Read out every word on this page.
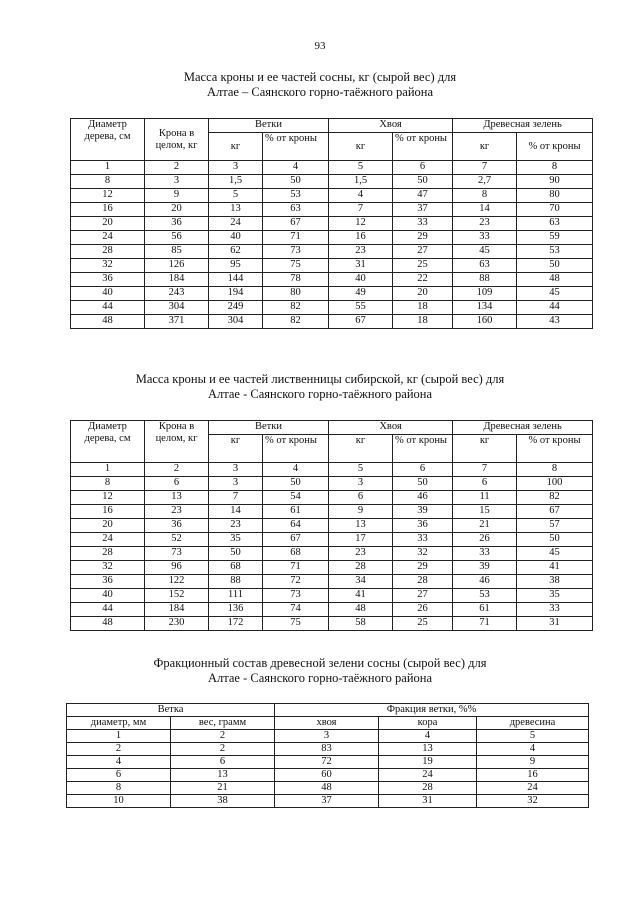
93
Масса кроны и ее частей сосны, кг (сырой вес) для
Алтае – Саянского горно-таёжного района
Диаметр дерева, см	Крона в целом, кг	Ветки		Хвоя		Древесная зелень	
		кг	% от кроны	кг	% от кроны	кг	% от кроны
1	2	3	4	5	6	7	8
8	3	1,5	50	1,5	50	2,7	90
12	9	5	53	4	47	8	80
16	20	13	63	7	37	14	70
20	36	24	67	12	33	23	63
24	56	40	71	16	29	33	59
28	85	62	73	23	27	45	53
32	126	95	75	31	25	63	50
36	184	144	78	40	22	88	48
40	243	194	80	49	20	109	45
44	304	249	82	55	18	134	44
48	371	304	82	67	18	160	43
Масса кроны и ее частей лиственницы сибирской, кг (сырой вес) для
Алтае - Саянского горно-таёжного района
Диаметр дерева, см	Крона в целом, кг	Ветки		Хвоя		Древесная зелень	
		кг	% от кроны	кг	% от кроны	кг	% от кроны
1	2	3	4	5	6	7	8
8	6	3	50	3	50	6	100
12	13	7	54	6	46	11	82
16	23	14	61	9	39	15	67
20	36	23	64	13	36	21	57
24	52	35	67	17	33	26	50
28	73	50	68	23	32	33	45
32	96	68	71	28	29	39	41
36	122	88	72	34	28	46	38
40	152	111	73	41	27	53	35
44	184	136	74	48	26	61	33
48	230	172	75	58	25	71	31
Фракционный состав древесной зелени сосны (сырой вес) для
Алтае - Саянского горно-таёжного района
Ветка		Фракция ветки, %%		
диаметр, мм	вес, грамм	хвоя	кора	древесина
1	2	3	4	5
2	2	83	13	4
4	6	72	19	9
6	13	60	24	16
8	21	48	28	24
10	38	37	31	32
